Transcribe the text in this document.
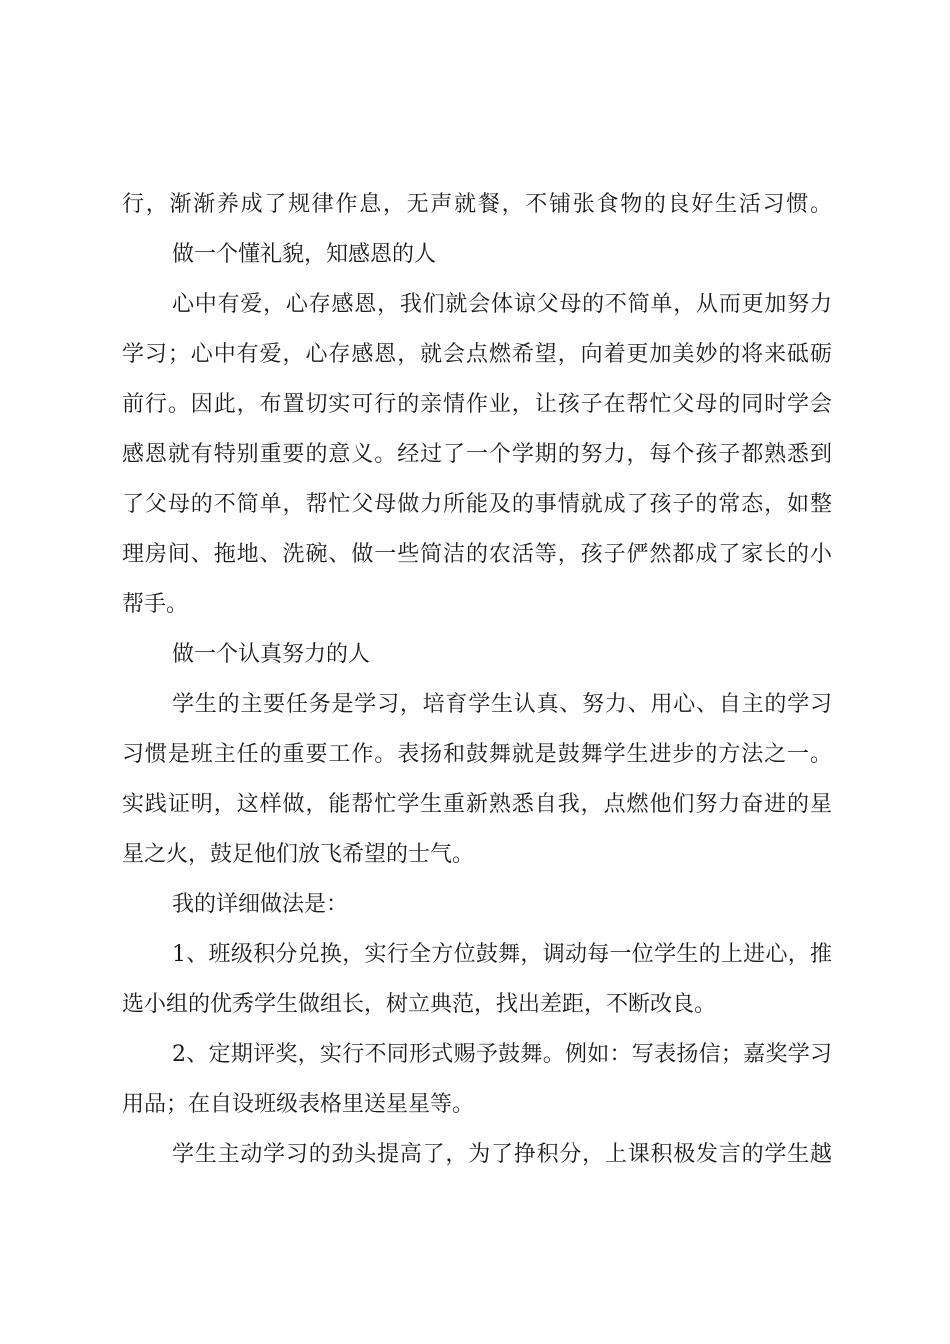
行，渐渐养成了规律作息，无声就餐，不铺张食物的良好生活习惯。
做一个懂礼貌，知感恩的人
心中有爱，心存感恩，我们就会体谅父母的不简单，从而更加努力
学习；心中有爱，心存感恩，就会点燃希望，向着更加美妙的将来砥砺
前行。因此，布置切实可行的亲情作业，让孩子在帮忙父母的同时学会
感恩就有特别重要的意义。经过了一个学期的努力，每个孩子都熟悉到
了父母的不简单，帮忙父母做力所能及的事情就成了孩子的常态，如整
理房间、拖地、洗碗、做一些简洁的农活等，孩子俨然都成了家长的小
帮手。
做一个认真努力的人
学生的主要任务是学习，培育学生认真、努力、用心、自主的学习
习惯是班主任的重要工作。表扬和鼓舞就是鼓舞学生进步的方法之一。
实践证明，这样做，能帮忙学生重新熟悉自我，点燃他们努力奋进的星
星之火，鼓足他们放飞希望的士气。
我的详细做法是：
1、班级积分兑换，实行全方位鼓舞，调动每一位学生的上进心，推
选小组的优秀学生做组长，树立典范，找出差距，不断改良。
2、定期评奖，实行不同形式赐予鼓舞。例如：写表扬信；嘉奖学习
用品；在自设班级表格里送星星等。
学生主动学习的劲头提高了，为了挣积分，上课积极发言的学生越
